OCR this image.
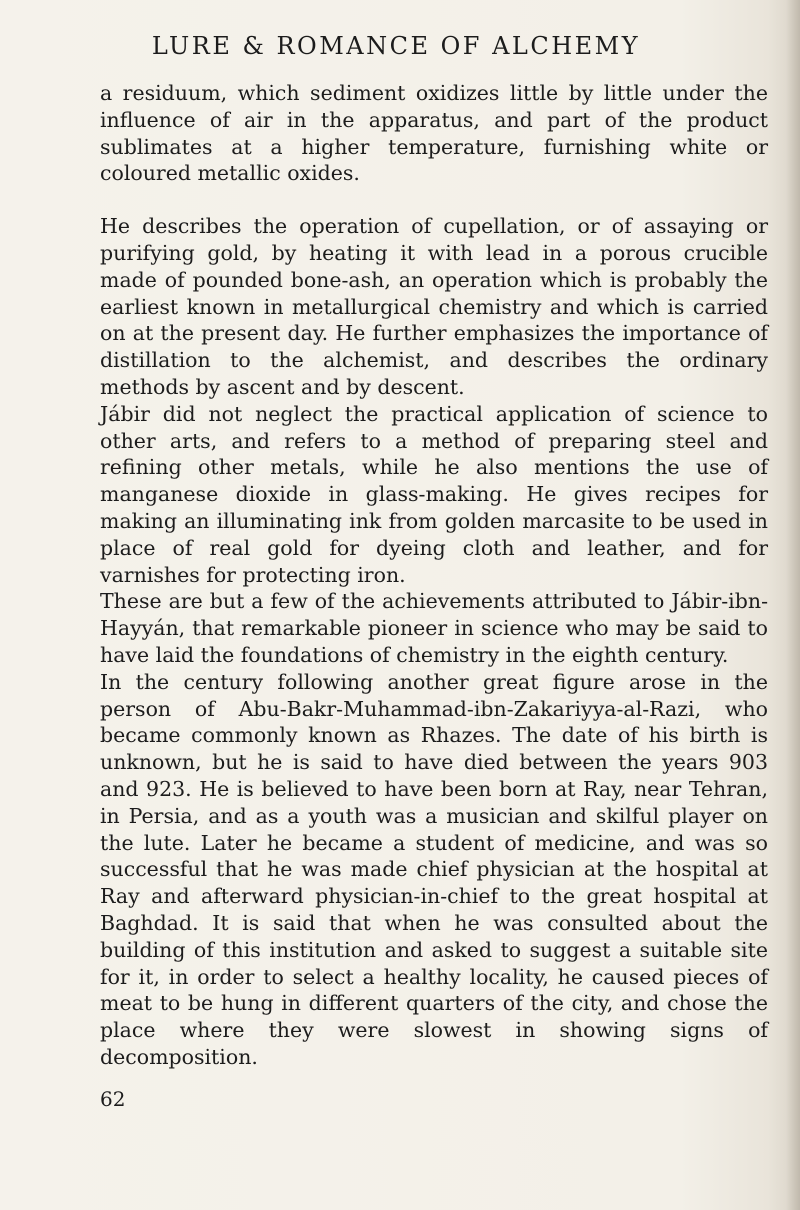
LURE & ROMANCE OF ALCHEMY

a residuum, which sediment oxidizes little by little under the influence of air in the apparatus, and part of the product sublimates at a higher temperature, furnishing white or coloured metallic oxides.

He describes the operation of cupellation, or of assaying or purifying gold, by heating it with lead in a porous crucible made of pounded bone-ash, an operation which is probably the earliest known in metallurgical chemistry and which is carried on at the present day. He further emphasizes the importance of distillation to the alchemist, and describes the ordinary methods by ascent and by descent.

Jábir did not neglect the practical application of science to other arts, and refers to a method of preparing steel and refining other metals, while he also mentions the use of manganese dioxide in glass-making. He gives recipes for making an illuminating ink from golden marcasite to be used in place of real gold for dyeing cloth and leather, and for varnishes for protecting iron.

These are but a few of the achievements attributed to Jábir-ibn-Hayyán, that remarkable pioneer in science who may be said to have laid the foundations of chemistry in the eighth century.

In the century following another great figure arose in the person of Abu-Bakr-Muhammad-ibn-Zakariyya-al-Razi, who became commonly known as Rhazes. The date of his birth is unknown, but he is said to have died between the years 903 and 923. He is believed to have been born at Ray, near Tehran, in Persia, and as a youth was a musician and skilful player on the lute. Later he became a student of medicine, and was so successful that he was made chief physician at the hospital at Ray and afterward physician-in-chief to the great hospital at Baghdad. It is said that when he was consulted about the building of this institution and asked to suggest a suitable site for it, in order to select a healthy locality, he caused pieces of meat to be hung in different quarters of the city, and chose the place where they were slowest in showing signs of decomposition.

62
